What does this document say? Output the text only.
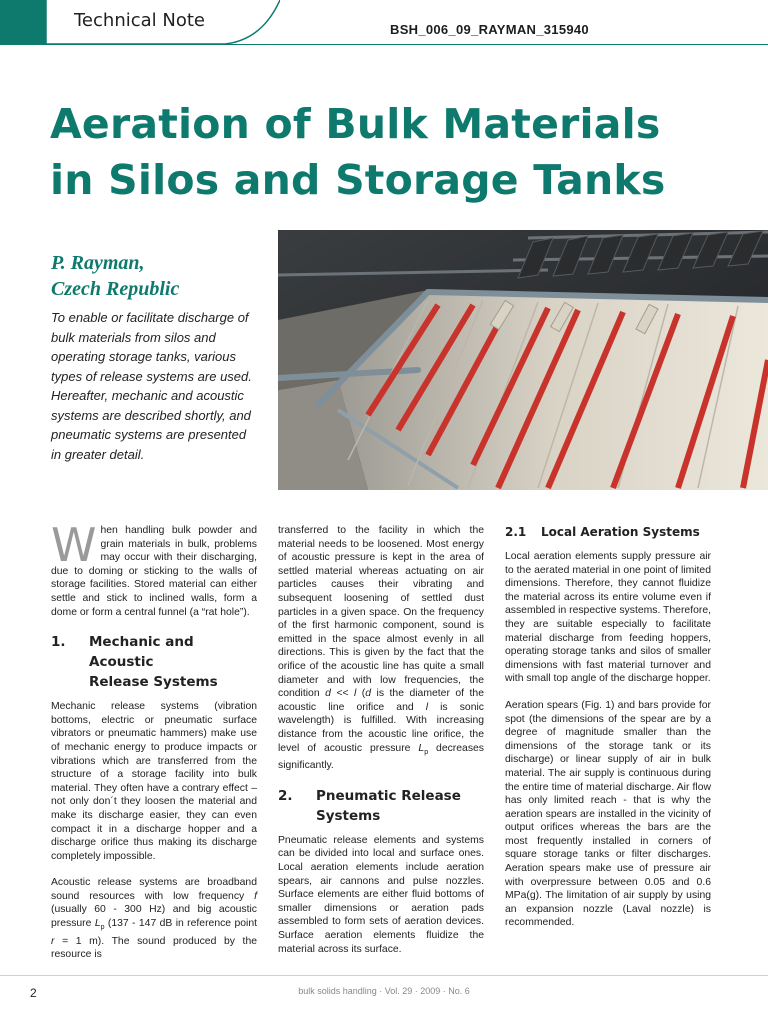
Technical Note	BSH_006_09_RAYMAN_315940
Aeration of Bulk Materials
in Silos and Storage Tanks
P. Rayman,
Czech Republic
To enable or facilitate discharge of
bulk materials from silos and
operating storage tanks, various
types of release systems are used.
Hereafter, mechanic and acoustic
systems are described shortly, and
pneumatic systems are presented
in greater detail.

When handling bulk powder and grain materials in bulk, problems may occur with their discharging, due to doming or sticking to the walls of storage facilities. Stored material can either settle and stick to inclined walls, form a dome or form a central funnel (a “rat hole”).

1.	Mechanic and Acoustic
Release Systems

Mechanic release systems (vibration bottoms, electric or pneumatic surface vibrators or pneumatic hammers) make use of mechanic energy to produce impacts or vibrations which are transferred from the structure of a storage facility into bulk material. They often have a contrary effect – not only don´t they loosen the material and make its discharge easier, they can even compact it in a discharge hopper and a discharge orifice thus making its discharge completely impossible.

Acoustic release systems are broadband sound resources with low frequency f (usually 60 - 300 Hz) and big acoustic pressure $L_p$ (137 - 147 dB in reference point r = 1 m). The sound produced by the resource is

transferred to the facility in which the material needs to be loosened. Most energy of acoustic pressure is kept in the area of settled material whereas actuating on air particles causes their vibrating and subsequent loosening of settled dust particles in a given space. On the frequency of the first harmonic component, sound is emitted in the space almost evenly in all directions. This is given by the fact that the orifice of the acoustic line has quite a small diameter and with low frequencies, the condition d << l (d is the diameter of the acoustic line orifice and l is sonic wavelength) is fulfilled. With increasing distance from the acoustic line orifice, the level of acoustic pressure $L_p$ decreases significantly.

2.	Pneumatic Release
Systems

Pneumatic release elements and systems can be divided into local and surface ones. Local aeration elements include aeration spears, air cannons and pulse nozzles. Surface elements are either fluid bottoms of smaller dimensions or aeration pads assembled to form sets of aeration devices. Surface aeration elements fluidize the material across its surface.

2.1	Local Aeration Systems

Local aeration elements supply pressure air to the aerated material in one point of limited dimensions. Therefore, they cannot fluidize the material across its entire volume even if assembled in respective systems. Therefore, they are suitable especially to facilitate material discharge from feeding hoppers, operating storage tanks and silos of smaller dimensions with fast material turnover and with small top angle of the discharge hopper.

Aeration spears (Fig. 1) and bars provide for spot (the dimensions of the spear are by a degree of magnitude smaller than the dimensions of the storage tank or its discharge) or linear supply of air in bulk material. The air supply is continuous during the entire time of material discharge. Air flow has only limited reach - that is why the aeration spears are installed in the vicinity of output orifices whereas the bars are the most frequently installed in corners of square storage tanks or filter discharges. Aeration spears make use of pressure air with overpressure between 0.05 and 0.6 MPa(g). The limitation of air supply by using an expansion nozzle (Laval nozzle) is recommended.

2	bulk solids handling · Vol. 29 · 2009 · No. 6
